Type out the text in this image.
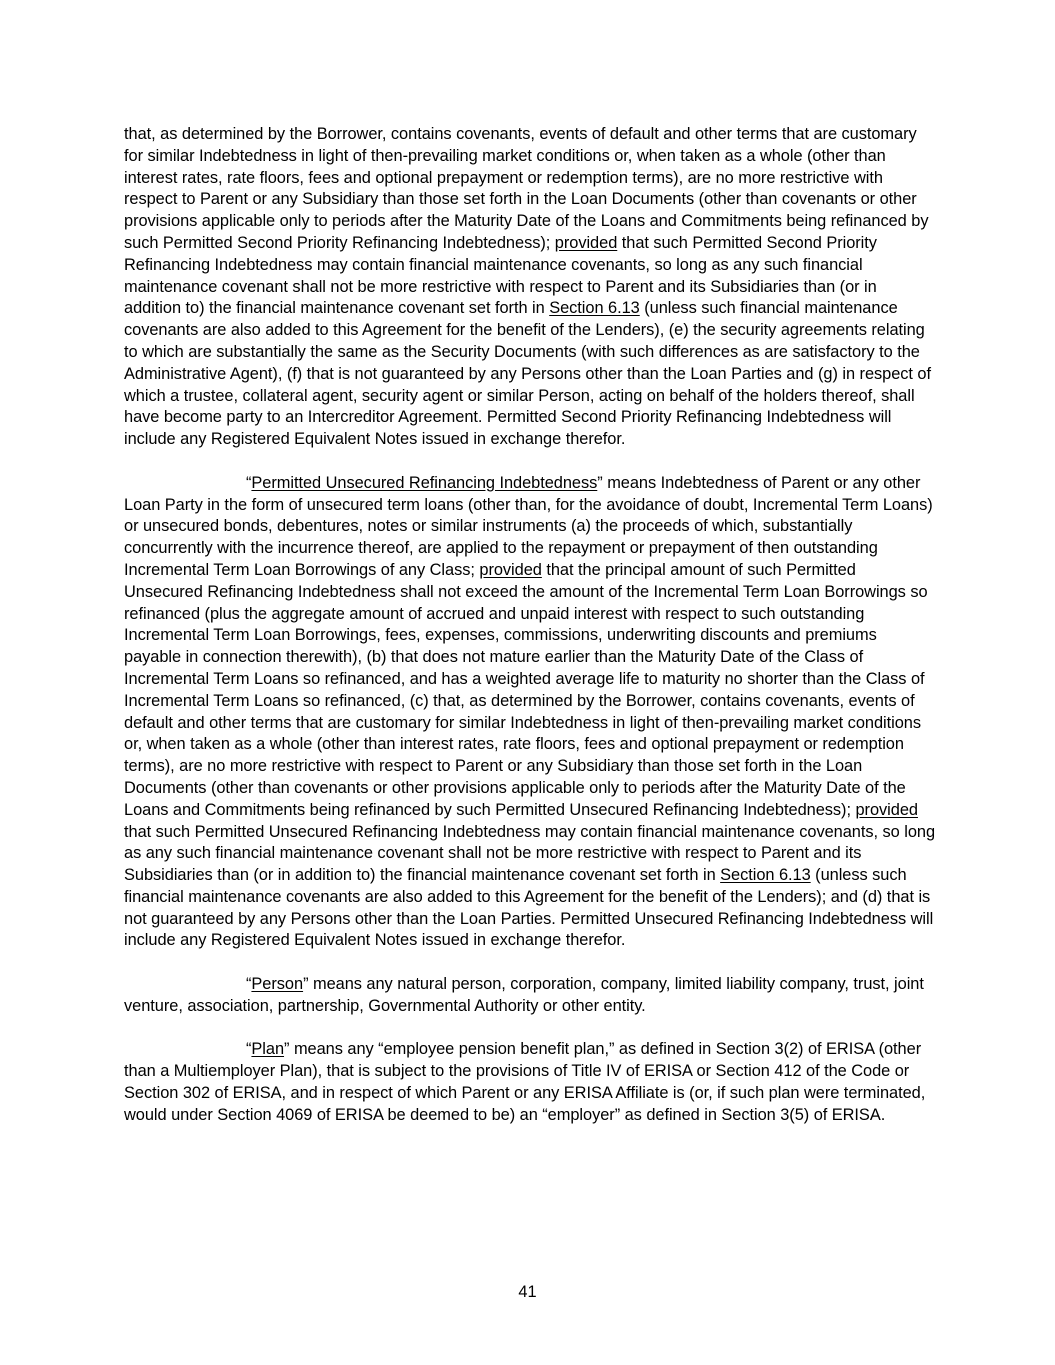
that, as determined by the Borrower, contains covenants, events of default and other terms that are customary for similar Indebtedness in light of then-prevailing market conditions or, when taken as a whole (other than interest rates, rate floors, fees and optional prepayment or redemption terms), are no more restrictive with respect to Parent or any Subsidiary than those set forth in the Loan Documents (other than covenants or other provisions applicable only to periods after the Maturity Date of the Loans and Commitments being refinanced by such Permitted Second Priority Refinancing Indebtedness); provided that such Permitted Second Priority Refinancing Indebtedness may contain financial maintenance covenants, so long as any such financial maintenance covenant shall not be more restrictive with respect to Parent and its Subsidiaries than (or in addition to) the financial maintenance covenant set forth in Section 6.13 (unless such financial maintenance covenants are also added to this Agreement for the benefit of the Lenders), (e) the security agreements relating to which are substantially the same as the Security Documents (with such differences as are satisfactory to the Administrative Agent), (f) that is not guaranteed by any Persons other than the Loan Parties and (g) in respect of which a trustee, collateral agent, security agent or similar Person, acting on behalf of the holders thereof, shall have become party to an Intercreditor Agreement. Permitted Second Priority Refinancing Indebtedness will include any Registered Equivalent Notes issued in exchange therefor.

“Permitted Unsecured Refinancing Indebtedness” means Indebtedness of Parent or any other Loan Party in the form of unsecured term loans (other than, for the avoidance of doubt, Incremental Term Loans) or unsecured bonds, debentures, notes or similar instruments (a) the proceeds of which, substantially concurrently with the incurrence thereof, are applied to the repayment or prepayment of then outstanding Incremental Term Loan Borrowings of any Class; provided that the principal amount of such Permitted Unsecured Refinancing Indebtedness shall not exceed the amount of the Incremental Term Loan Borrowings so refinanced (plus the aggregate amount of accrued and unpaid interest with respect to such outstanding Incremental Term Loan Borrowings, fees, expenses, commissions, underwriting discounts and premiums payable in connection therewith), (b) that does not mature earlier than the Maturity Date of the Class of Incremental Term Loans so refinanced, and has a weighted average life to maturity no shorter than the Class of Incremental Term Loans so refinanced, (c) that, as determined by the Borrower, contains covenants, events of default and other terms that are customary for similar Indebtedness in light of then-prevailing market conditions or, when taken as a whole (other than interest rates, rate floors, fees and optional prepayment or redemption terms), are no more restrictive with respect to Parent or any Subsidiary than those set forth in the Loan Documents (other than covenants or other provisions applicable only to periods after the Maturity Date of the Loans and Commitments being refinanced by such Permitted Unsecured Refinancing Indebtedness); provided that such Permitted Unsecured Refinancing Indebtedness may contain financial maintenance covenants, so long as any such financial maintenance covenant shall not be more restrictive with respect to Parent and its Subsidiaries than (or in addition to) the financial maintenance covenant set forth in Section 6.13 (unless such financial maintenance covenants are also added to this Agreement for the benefit of the Lenders); and (d) that is not guaranteed by any Persons other than the Loan Parties. Permitted Unsecured Refinancing Indebtedness will include any Registered Equivalent Notes issued in exchange therefor.

“Person” means any natural person, corporation, company, limited liability company, trust, joint venture, association, partnership, Governmental Authority or other entity.

“Plan” means any “employee pension benefit plan,” as defined in Section 3(2) of ERISA (other than a Multiemployer Plan), that is subject to the provisions of Title IV of ERISA or Section 412 of the Code or Section 302 of ERISA, and in respect of which Parent or any ERISA Affiliate is (or, if such plan were terminated, would under Section 4069 of ERISA be deemed to be) an “employer” as defined in Section 3(5) of ERISA.

41
